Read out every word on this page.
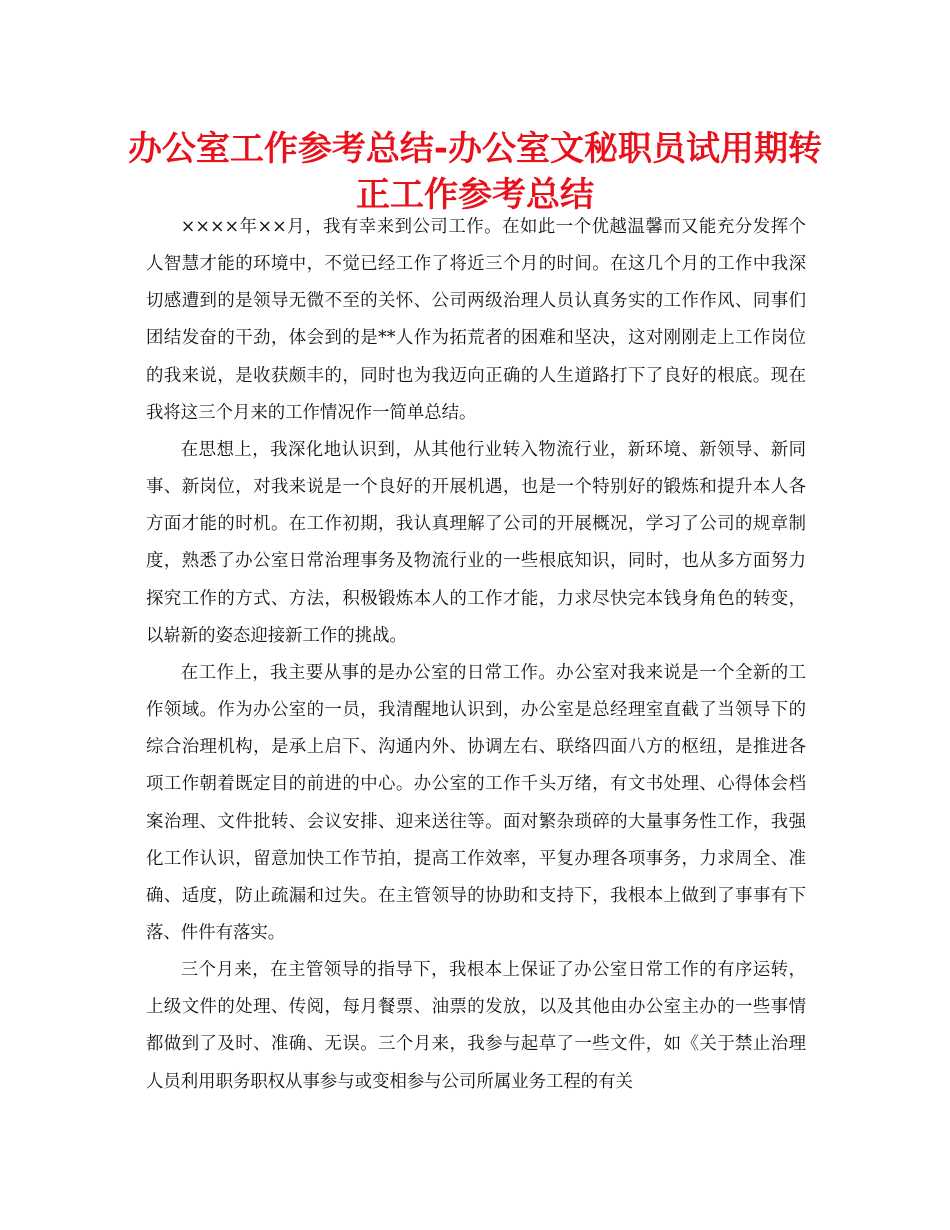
办公室工作参考总结-办公室文秘职员试用期转
正工作参考总结

××××年××月，我有幸来到公司工作。在如此一个优越温馨而又能充分发挥个人智慧才能的环境中，不觉已经工作了将近三个月的时间。在这几个月的工作中我深切感遭到的是领导无微不至的关怀、公司两级治理人员认真务实的工作作风、同事们团结发奋的干劲，体会到的是**人作为拓荒者的困难和坚决，这对刚刚走上工作岗位的我来说，是收获颇丰的，同时也为我迈向正确的人生道路打下了良好的根底。现在我将这三个月来的工作情况作一简单总结。

在思想上，我深化地认识到，从其他行业转入物流行业，新环境、新领导、新同事、新岗位，对我来说是一个良好的开展机遇，也是一个特别好的锻炼和提升本人各方面才能的时机。在工作初期，我认真理解了公司的开展概况，学习了公司的规章制度，熟悉了办公室日常治理事务及物流行业的一些根底知识，同时，也从多方面努力探究工作的方式、方法，积极锻炼本人的工作才能，力求尽快完本钱身角色的转变，以崭新的姿态迎接新工作的挑战。

在工作上，我主要从事的是办公室的日常工作。办公室对我来说是一个全新的工作领域。作为办公室的一员，我清醒地认识到，办公室是总经理室直截了当领导下的综合治理机构，是承上启下、沟通内外、协调左右、联络四面八方的枢纽，是推进各项工作朝着既定目的前进的中心。办公室的工作千头万绪，有文书处理、心得体会档案治理、文件批转、会议安排、迎来送往等。面对繁杂琐碎的大量事务性工作，我强化工作认识，留意加快工作节拍，提高工作效率，平复办理各项事务，力求周全、准确、适度，防止疏漏和过失。在主管领导的协助和支持下，我根本上做到了事事有下落、件件有落实。

三个月来，在主管领导的指导下，我根本上保证了办公室日常工作的有序运转，上级文件的处理、传阅，每月餐票、油票的发放，以及其他由办公室主办的一些事情都做到了及时、准确、无误。三个月来，我参与起草了一些文件，如《关于禁止治理人员利用职务职权从事参与或变相参与公司所属业务工程的有关
